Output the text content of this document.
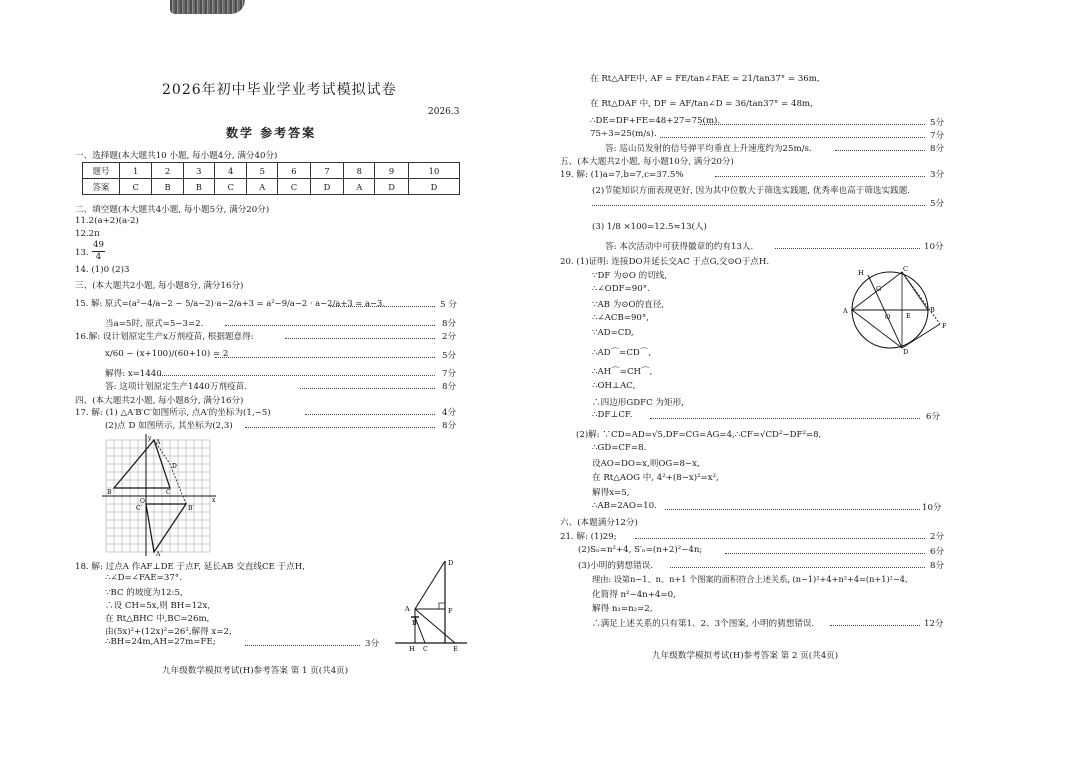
2026年初中毕业学业考试模拟试卷
2026.3
数学 参考答案
一、选择题(本大题共10 小题, 每小题4分, 满分40分)
题号	1	2	3	4	5	6	7	8	9	10
答案	C	B	B	C	A	C	D	A	D	D
二、填空题(本大题共4小题, 每小题5分, 满分20分)
11.2(a+2)(a-2)
12.2π
13. $\frac{49}{4}$
14. (1)0 (2)3
三、(本大题共2小题, 每小题8分, 满分16分)
15. 解: 原式=(a²−4/a−2 − 5/a−2)·a−2/a+3 = a²−9/a−2 · a−2/a+3 = a−3.	5 分
当a=5时, 原式=5−3=2.	8分
16.解: 设计划原定生产x万剂疫苗, 根据题意得:	2分
x/60 − (x+100)/(60+10) = 2	5分
解得: x=1440	7分
答: 这项计划原定生产1440万剂疫苗.	8分
四、(本大题共2小题, 每小题8分, 满分16分)
17. 解: (1) △A′B′C′如图所示, 点A′的坐标为(1,−5)	4分
(2)点 D 如图所示, 其坐标为(2,3)	8分
y
x
O
A
B	C
D
A′
B′
C′
18. 解: 过点A 作AF⊥DE 于点F, 延长AB 交直线CE 于点H,
∴∠D=∠FAE=37°.
∵BC 的坡度为12:5,
∴设 CH=5x,则 BH=12x,
在 Rt△BHC 中,BC=26m,
由(5x)²+(12x)²=26²,解得 x=2,
∴BH=24m,AH=27m=FE;	3分
D
A	F
B
H C	E
九年级数学模拟考试(H)参考答案 第 1 页(共4页)
在 Rt△AFE中, AF = FE/tan∠FAE = 21/tan37° = 36m,
在 Rt△DAF 中, DF = AF/tan∠D = 36/tan37° = 48m,
∴DE=DF+FE=48+27=75(m).	5分
75÷3=25(m/s).	7分
答: 巡山员发射的信号弹平均垂直上升速度约为25m/s.	8分
五、(本大题共2小题, 每小题10分, 满分20分)
19. 解: (1)a=7,b=7,c=37.5%	3分
(2)节能知识方面表现更好, 因为其中位数大于筛选实践题, 优秀率也高于筛选实践题.
5分
(3) 1/8 ×100=12.5≈13(人)
答: 本次活动中可获得徽章的约有13人.	10分
20. (1)证明: 连接DO并延长交AC 于点G,交⊙O于点H.
∵DF 为⊙O 的切线,
∴∠ODF=90°.
∵AB 为⊙O的直径,
∴∠ACB=90°,
∵AD=CD,
∴AD⌒=CD⌒,
∴AH⌒=CH⌒,
∴OH⊥AC,
∴四边形GDFC 为矩形,
∴DF⊥CF.	6分
H	C
G
B
A
O E
F
D
(2)解: ∵CD=AD=√5,DF=CG=AG=4,∴CF=√CD²−DF²=8,
∴GD=CF=8.
设AO=DO=x,则OG=8−x,
在 Rt△AOG 中, 4²+(8−x)²=x²,
解得x=5,
∴AB=2AO=10.	10分
六、(本题满分12分)
21. 解: (1)29;	2分
(2)Sₙ=n²+4, S′ₙ=(n+2)²−4n;	6分
(3)小明的猜想错误.	8分
理由: 设第n−1、n、n+1 个图案的面积符合上述关系, (n−1)²+4+n²+4=(n+1)²−4,
化简得 n²−4n+4=0,
解得 n₁=n₂=2,
∴满足上述关系的只有第1、2、3个图案, 小明的猜想错误.	12分
九年级数学模拟考试(H)参考答案 第 2 页(共4页)
